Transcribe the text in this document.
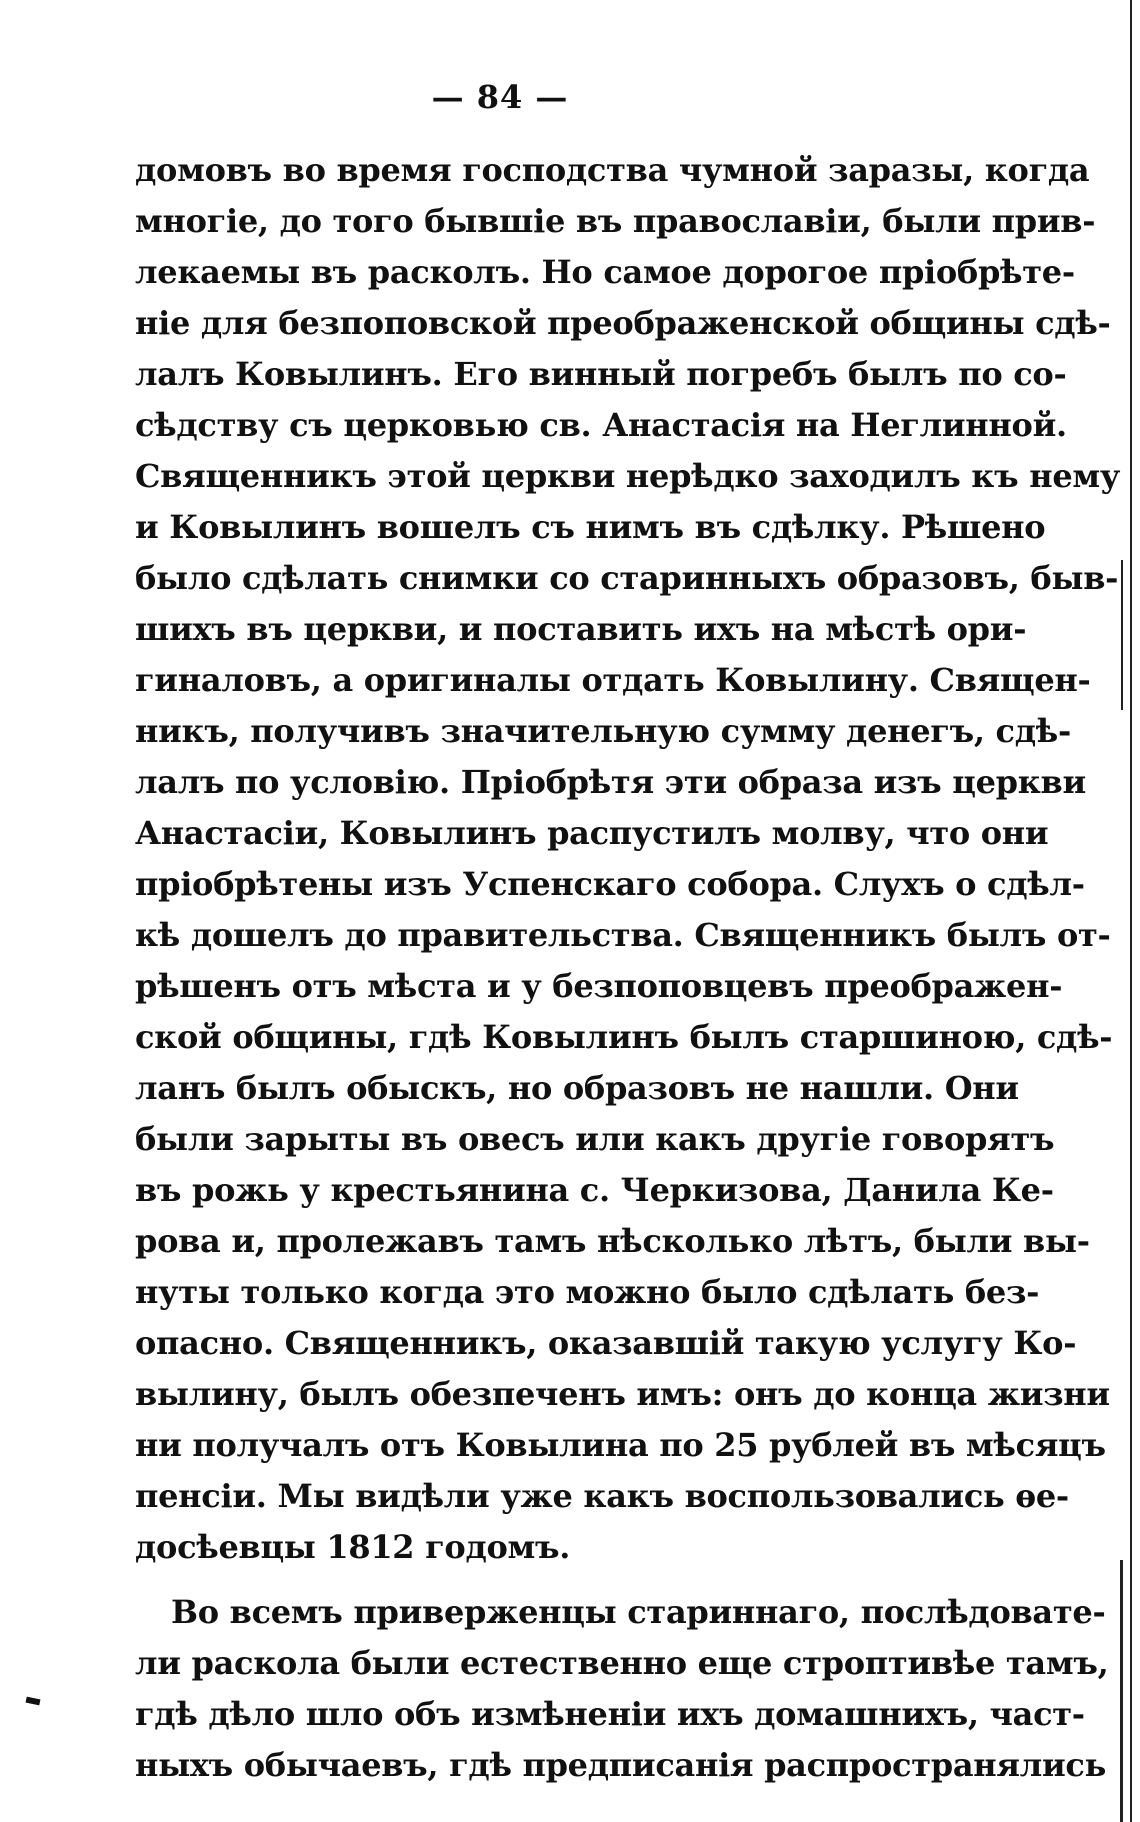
— 84 —
домовъ во время господства чумной заразы, когда
многiе, до того бывшiе въ православiи, были прив-
лекаемы въ расколъ. Но самое дорогое прiобрѣте-
нiе для безпоповской преображенской общины сдѣ-
лалъ Ковылинъ. Его винный погребъ былъ по со-
сѣдству съ церковью св. Анастасiя на Неглинной.
Священникъ этой церкви нерѣдко заходилъ къ нему
и Ковылинъ вошелъ съ нимъ въ сдѣлку. Рѣшено
было сдѣлать снимки со старинныхъ образовъ, быв-
шихъ въ церкви, и поставить ихъ на мѣстѣ ори-
гиналовъ, а оригиналы отдать Ковылину. Священ-
никъ, получивъ значительную сумму денегъ, сдѣ-
лалъ по условiю. Прiобрѣтя эти образа изъ церкви
Анастасiи, Ковылинъ распустилъ молву, что они
прiобрѣтены изъ Успенскаго собора. Слухъ о сдѣл-
кѣ дошелъ до правительства. Священникъ былъ от-
рѣшенъ отъ мѣста и у безпоповцевъ преображен-
ской общины, гдѣ Ковылинъ былъ старшиною, сдѣ-
ланъ былъ обыскъ, но образовъ не нашли. Они
были зарыты въ овесъ или какъ другiе говорятъ
въ рожь у крестьянина с. Черкизова, Данила Ке-
рова и, пролежавъ тамъ нѣсколько лѣтъ, были вы-
нуты только когда это можно было сдѣлать без-
опасно. Священникъ, оказавшiй такую услугу Ко-
вылину, былъ обезпеченъ имъ: онъ до конца жизни
ни получалъ отъ Ковылина по 25 рублей въ мѣсяцъ
пенсiи. Мы видѣли уже какъ воспользовались ѳе-
досѣевцы 1812 годомъ.
Во всемъ приверженцы стариннаго, послѣдовате-
ли раскола были естественно еще строптивѣе тамъ,
гдѣ дѣло шло объ измѣненiи ихъ домашнихъ, част-
ныхъ обычаевъ, гдѣ предписанiя распространялись
